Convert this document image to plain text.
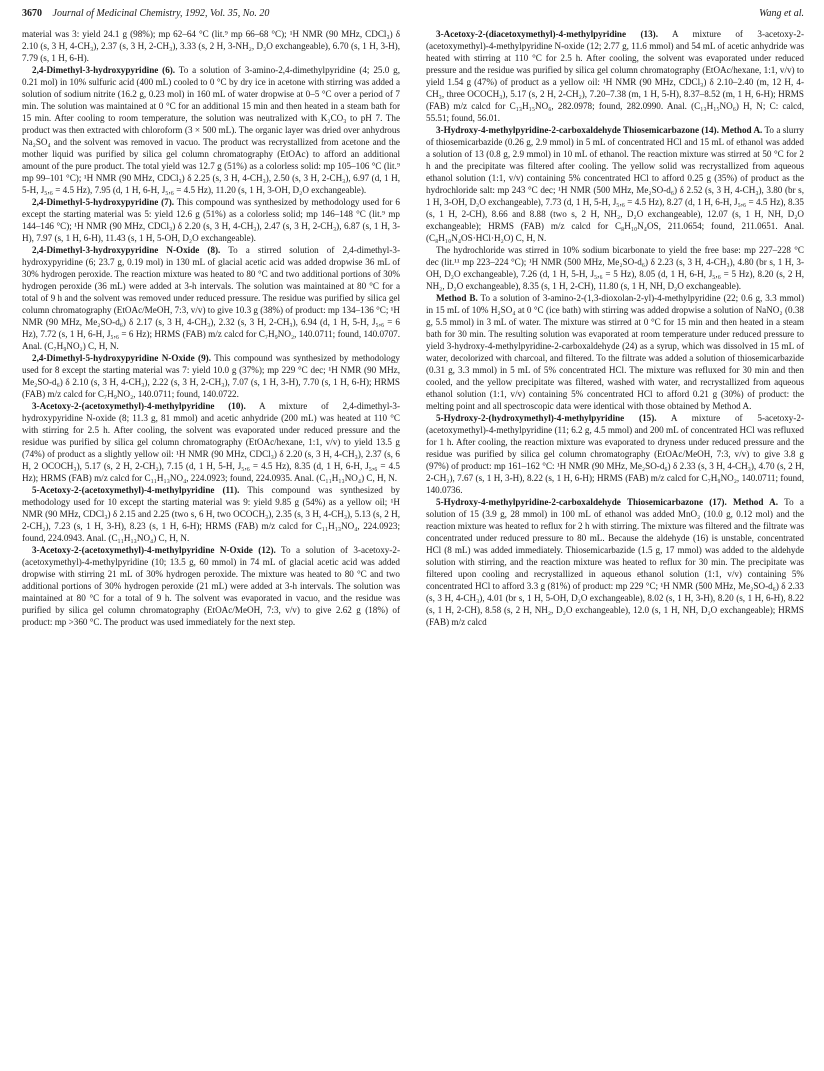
3670 Journal of Medicinal Chemistry, 1992, Vol. 35, No. 20	Wang et al.

material was 3: yield 24.1 g (98%); mp 62–64 °C (lit.⁹ mp 66–68 °C); ¹H NMR (90 MHz, CDCl₃) δ 2.10 (s, 3 H, 4-CH₃), 2.37 (s, 3 H, 2-CH₃), 3.33 (s, 2 H, 3-NH₂, D₂O exchangeable), 6.70 (s, 1 H, 3-H), 7.79 (s, 1 H, 6-H).

2,4-Dimethyl-3-hydroxypyridine (6). To a solution of 3-amino-2,4-dimethylpyridine (4; 25.0 g, 0.21 mol) in 10% sulfuric acid (400 mL) cooled to 0 °C by dry ice in acetone with stirring was added a solution of sodium nitrite (16.2 g, 0.23 mol) in 160 mL of water dropwise at 0–5 °C over a period of 7 min. The solution was maintained at 0 °C for an additional 15 min and then heated in a steam bath for 15 min. After cooling to room temperature, the solution was neutralized with K₂CO₃ to pH 7. The product was then extracted with chloroform (3 × 500 mL). The organic layer was dried over anhydrous Na₂SO₄ and the solvent was removed in vacuo. The product was recrystallized from acetone and the mother liquid was purified by silica gel column chromatography (EtOAc) to afford an additional amount of the pure product. The total yield was 12.7 g (51%) as a colorless solid: mp 105–106 °C (lit.⁹ mp 99–101 °C); ¹H NMR (90 MHz, CDCl₃) δ 2.25 (s, 3 H, 4-CH₃), 2.50 (s, 3 H, 2-CH₃), 6.97 (d, 1 H, 5-H, J₅,₆ = 4.5 Hz), 7.95 (d, 1 H, 6-H, J₅,₆ = 4.5 Hz), 11.20 (s, 1 H, 3-OH, D₂O exchangeable).

2,4-Dimethyl-5-hydroxypyridine (7). This compound was synthesized by methodology used for 6 except the starting material was 5: yield 12.6 g (51%) as a colorless solid; mp 146–148 °C (lit.⁹ mp 144–146 °C); ¹H NMR (90 MHz, CDCl₃) δ 2.20 (s, 3 H, 4-CH₃), 2.47 (s, 3 H, 2-CH₃), 6.87 (s, 1 H, 3-H), 7.97 (s, 1 H, 6-H), 11.43 (s, 1 H, 5-OH, D₂O exchangeable).

2,4-Dimethyl-3-hydroxypyridine N-Oxide (8). To a stirred solution of 2,4-dimethyl-3-hydroxypyridine (6; 23.7 g, 0.19 mol) in 130 mL of glacial acetic acid was added dropwise 36 mL of 30% hydrogen peroxide. The reaction mixture was heated to 80 °C and two additional portions of 30% hydrogen peroxide (36 mL) were added at 3-h intervals. The solution was maintained at 80 °C for a total of 9 h and the solvent was removed under reduced pressure. The residue was purified by silica gel column chromatography (EtOAc/MeOH, 7:3, v/v) to give 10.3 g (38%) of product: mp 134–136 °C; ¹H NMR (90 MHz, Me₂SO-d₆) δ 2.17 (s, 3 H, 4-CH₃), 2.32 (s, 3 H, 2-CH₃), 6.94 (d, 1 H, 5-H, J₅,₆ = 6 Hz), 7.72 (s, 1 H, 6-H, J₅,₆ = 6 Hz); HRMS (FAB) m/z calcd for C₇H₉NO₂, 140.0711; found, 140.0707. Anal. (C₇H₉NO₂) C, H, N.

2,4-Dimethyl-5-hydroxypyridine N-Oxide (9). This compound was synthesized by methodology used for 8 except the starting material was 7: yield 10.0 g (37%); mp 229 °C dec; ¹H NMR (90 MHz, Me₂SO-d₆) δ 2.10 (s, 3 H, 4-CH₃), 2.22 (s, 3 H, 2-CH₃), 7.07 (s, 1 H, 3-H), 7.70 (s, 1 H, 6-H); HRMS (FAB) m/z calcd for C₇H₉NO₂, 140.0711; found, 140.0722.

3-Acetoxy-2-(acetoxymethyl)-4-methylpyridine (10). A mixture of 2,4-dimethyl-3-hydroxypyridine N-oxide (8; 11.3 g, 81 mmol) and acetic anhydride (200 mL) was heated at 110 °C with stirring for 2.5 h. After cooling, the solvent was evaporated under reduced pressure and the residue was purified by silica gel column chromatography (EtOAc/hexane, 1:1, v/v) to yield 13.5 g (74%) of product as a slightly yellow oil: ¹H NMR (90 MHz, CDCl₃) δ 2.20 (s, 3 H, 4-CH₃), 2.37 (s, 6 H, 2 OCOCH₃), 5.17 (s, 2 H, 2-CH₂), 7.15 (d, 1 H, 5-H, J₅,₆ = 4.5 Hz), 8.35 (d, 1 H, 6-H, J₅,₆ = 4.5 Hz); HRMS (FAB) m/z calcd for C₁₁H₁₃NO₄, 224.0923; found, 224.0935. Anal. (C₁₁H₁₃NO₄) C, H, N.

5-Acetoxy-2-(acetoxymethyl)-4-methylpyridine (11). This compound was synthesized by methodology used for 10 except the starting material was 9: yield 9.85 g (54%) as a yellow oil; ¹H NMR (90 MHz, CDCl₃) δ 2.15 and 2.25 (two s, 6 H, two OCOCH₃), 2.35 (s, 3 H, 4-CH₃), 5.13 (s, 2 H, 2-CH₂), 7.23 (s, 1 H, 3-H), 8.23 (s, 1 H, 6-H); HRMS (FAB) m/z calcd for C₁₁H₁₃NO₄, 224.0923; found, 224.0943. Anal. (C₁₁H₁₃NO₄) C, H, N.

3-Acetoxy-2-(acetoxymethyl)-4-methylpyridine N-Oxide (12). To a solution of 3-acetoxy-2-(acetoxymethyl)-4-methylpyridine (10; 13.5 g, 60 mmol) in 74 mL of glacial acetic acid was added dropwise with stirring 21 mL of 30% hydrogen peroxide. The mixture was heated to 80 °C and two additional portions of 30% hydrogen peroxide (21 mL) were added at 3-h intervals. The solution was maintained at 80 °C for a total of 9 h. The solvent was evaporated in vacuo, and the residue was purified by silica gel column chromatography (EtOAc/MeOH, 7:3, v/v) to give 2.62 g (18%) of product: mp >360 °C. The product was used immediately for the next step.

3-Acetoxy-2-(diacetoxymethyl)-4-methylpyridine (13). A mixture of 3-acetoxy-2-(acetoxymethyl)-4-methylpyridine N-oxide (12; 2.77 g, 11.6 mmol) and 54 mL of acetic anhydride was heated with stirring at 110 °C for 2.5 h. After cooling, the solvent was evaporated under reduced pressure and the residue was purified by silica gel column chromatography (EtOAc/hexane, 1:1, v/v) to yield 1.54 g (47%) of product as a yellow oil: ¹H NMR (90 MHz, CDCl₃) δ 2.10–2.40 (m, 12 H, 4-CH₃, three OCOCH₃), 5.17 (s, 2 H, 2-CH₂), 7.20–7.38 (m, 1 H, 5-H), 8.37–8.52 (m, 1 H, 6-H); HRMS (FAB) m/z calcd for C₁₃H₁₅NO₆, 282.0978; found, 282.0990. Anal. (C₁₃H₁₅NO₆) H, N; C: calcd, 55.51; found, 56.01.

3-Hydroxy-4-methylpyridine-2-carboxaldehyde Thiosemicarbazone (14). Method A. To a slurry of thiosemicarbazide (0.26 g, 2.9 mmol) in 5 mL of concentrated HCl and 15 mL of ethanol was added a solution of 13 (0.8 g, 2.9 mmol) in 10 mL of ethanol. The reaction mixture was stirred at 50 °C for 2 h and the precipitate was filtered after cooling. The yellow solid was recrystallized from aqueous ethanol solution (1:1, v/v) containing 5% concentrated HCl to afford 0.25 g (35%) of product as the hydrochloride salt: mp 243 °C dec; ¹H NMR (500 MHz, Me₂SO-d₆) δ 2.52 (s, 3 H, 4-CH₃), 3.80 (br s, 1 H, 3-OH, D₂O exchangeable), 7.73 (d, 1 H, 5-H, J₅,₆ = 4.5 Hz), 8.27 (d, 1 H, 6-H, J₅,₆ = 4.5 Hz), 8.35 (s, 1 H, 2-CH), 8.66 and 8.88 (two s, 2 H, NH₂, D₂O exchangeable), 12.07 (s, 1 H, NH, D₂O exchangeable); HRMS (FAB) m/z calcd for C₈H₁₀N₄OS, 211.0654; found, 211.0651. Anal. (C₈H₁₀N₄OS·HCl·H₂O) C, H, N.

The hydrochloride was stirred in 10% sodium bicarbonate to yield the free base: mp 227–228 °C dec (lit.¹¹ mp 223–224 °C); ¹H NMR (500 MHz, Me₂SO-d₆) δ 2.23 (s, 3 H, 4-CH₃), 4.80 (br s, 1 H, 3-OH, D₂O exchangeable), 7.26 (d, 1 H, 5-H, J₅,₆ = 5 Hz), 8.05 (d, 1 H, 6-H, J₅,₆ = 5 Hz), 8.20 (s, 2 H, NH₂, D₂O exchangeable), 8.35 (s, 1 H, 2-CH), 11.80 (s, 1 H, NH, D₂O exchangeable).

Method B. To a solution of 3-amino-2-(1,3-dioxolan-2-yl)-4-methylpyridine (22; 0.6 g, 3.3 mmol) in 15 mL of 10% H₂SO₄ at 0 °C (ice bath) with stirring was added dropwise a solution of NaNO₂ (0.38 g, 5.5 mmol) in 3 mL of water. The mixture was stirred at 0 °C for 15 min and then heated in a steam bath for 30 min. The resulting solution was evaporated at room temperature under reduced pressure to yield 3-hydroxy-4-methylpyridine-2-carboxaldehyde (24) as a syrup, which was dissolved in 15 mL of water, decolorized with charcoal, and filtered. To the filtrate was added a solution of thiosemicarbazide (0.31 g, 3.3 mmol) in 5 mL of 5% concentrated HCl. The mixture was refluxed for 30 min and then cooled, and the yellow precipitate was filtered, washed with water, and recrystallized from aqueous ethanol solution (1:1, v/v) containing 5% concentrated HCl to afford 0.21 g (30%) of product: the melting point and all spectroscopic data were identical with those obtained by Method A.

5-Hydroxy-2-(hydroxymethyl)-4-methylpyridine (15). A mixture of 5-acetoxy-2-(acetoxymethyl)-4-methylpyridine (11; 6.2 g, 4.5 mmol) and 200 mL of concentrated HCl was refluxed for 1 h. After cooling, the reaction mixture was evaporated to dryness under reduced pressure and the residue was purified by silica gel column chromatography (EtOAc/MeOH, 7:3, v/v) to give 3.8 g (97%) of product: mp 161–162 °C: ¹H NMR (90 MHz, Me₂SO-d₆) δ 2.33 (s, 3 H, 4-CH₃), 4.70 (s, 2 H, 2-CH₂), 7.67 (s, 1 H, 3-H), 8.22 (s, 1 H, 6-H); HRMS (FAB) m/z calcd for C₇H₉NO₂, 140.0711; found, 140.0736.

5-Hydroxy-4-methylpyridine-2-carboxaldehyde Thiosemicarbazone (17). Method A. To a solution of 15 (3.9 g, 28 mmol) in 100 mL of ethanol was added MnO₂ (10.0 g, 0.12 mol) and the reaction mixture was heated to reflux for 2 h with stirring. The mixture was filtered and the filtrate was concentrated under reduced pressure to 80 mL. Because the aldehyde (16) is unstable, concentrated HCl (8 mL) was added immediately. Thiosemicarbazide (1.5 g, 17 mmol) was added to the aldehyde solution with stirring, and the reaction mixture was heated to reflux for 30 min. The precipitate was filtered upon cooling and recrystallized in aqueous ethanol solution (1:1, v/v) containing 5% concentrated HCl to afford 3.3 g (81%) of product: mp 229 °C; ¹H NMR (500 MHz, Me₂SO-d₆) δ 2.33 (s, 3 H, 4-CH₃), 4.01 (br s, 1 H, 5-OH, D₂O exchangeable), 8.02 (s, 1 H, 3-H), 8.20 (s, 1 H, 6-H), 8.22 (s, 1 H, 2-CH), 8.58 (s, 2 H, NH₂, D₂O exchangeable), 12.0 (s, 1 H, NH, D₂O exchangeable); HRMS (FAB) m/z calcd
